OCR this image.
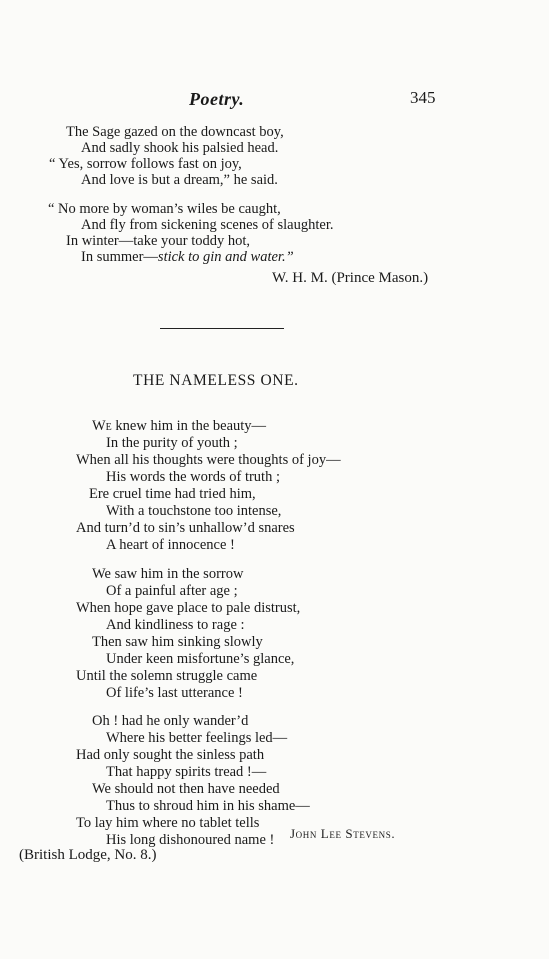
Poetry.	345
The Sage gazed on the downcast boy,
And sadly shook his palsied head.
“ Yes, sorrow follows fast on joy,
And love is but a dream,” he said.
“ No more by woman’s wiles be caught,
And fly from sickening scenes of slaughter.
In winter—take your toddy hot,
In summer—stick to gin and water.”
W. H. M. (Prince Mason.)
THE NAMELESS ONE.
We knew him in the beauty—
In the purity of youth ;
When all his thoughts were thoughts of joy—
His words the words of truth ;
Ere cruel time had tried him,
With a touchstone too intense,
And turn’d to sin’s unhallow’d snares
A heart of innocence !
We saw him in the sorrow
Of a painful after age ;
When hope gave place to pale distrust,
And kindliness to rage :
Then saw him sinking slowly
Under keen misfortune’s glance,
Until the solemn struggle came
Of life’s last utterance !
Oh ! had he only wander’d
Where his better feelings led—
Had only sought the sinless path
That happy spirits tread !—
We should not then have needed
Thus to shroud him in his shame—
To lay him where no tablet tells
His long dishonoured name ! John Lee Stevens.
(British Lodge, No. 8.)
